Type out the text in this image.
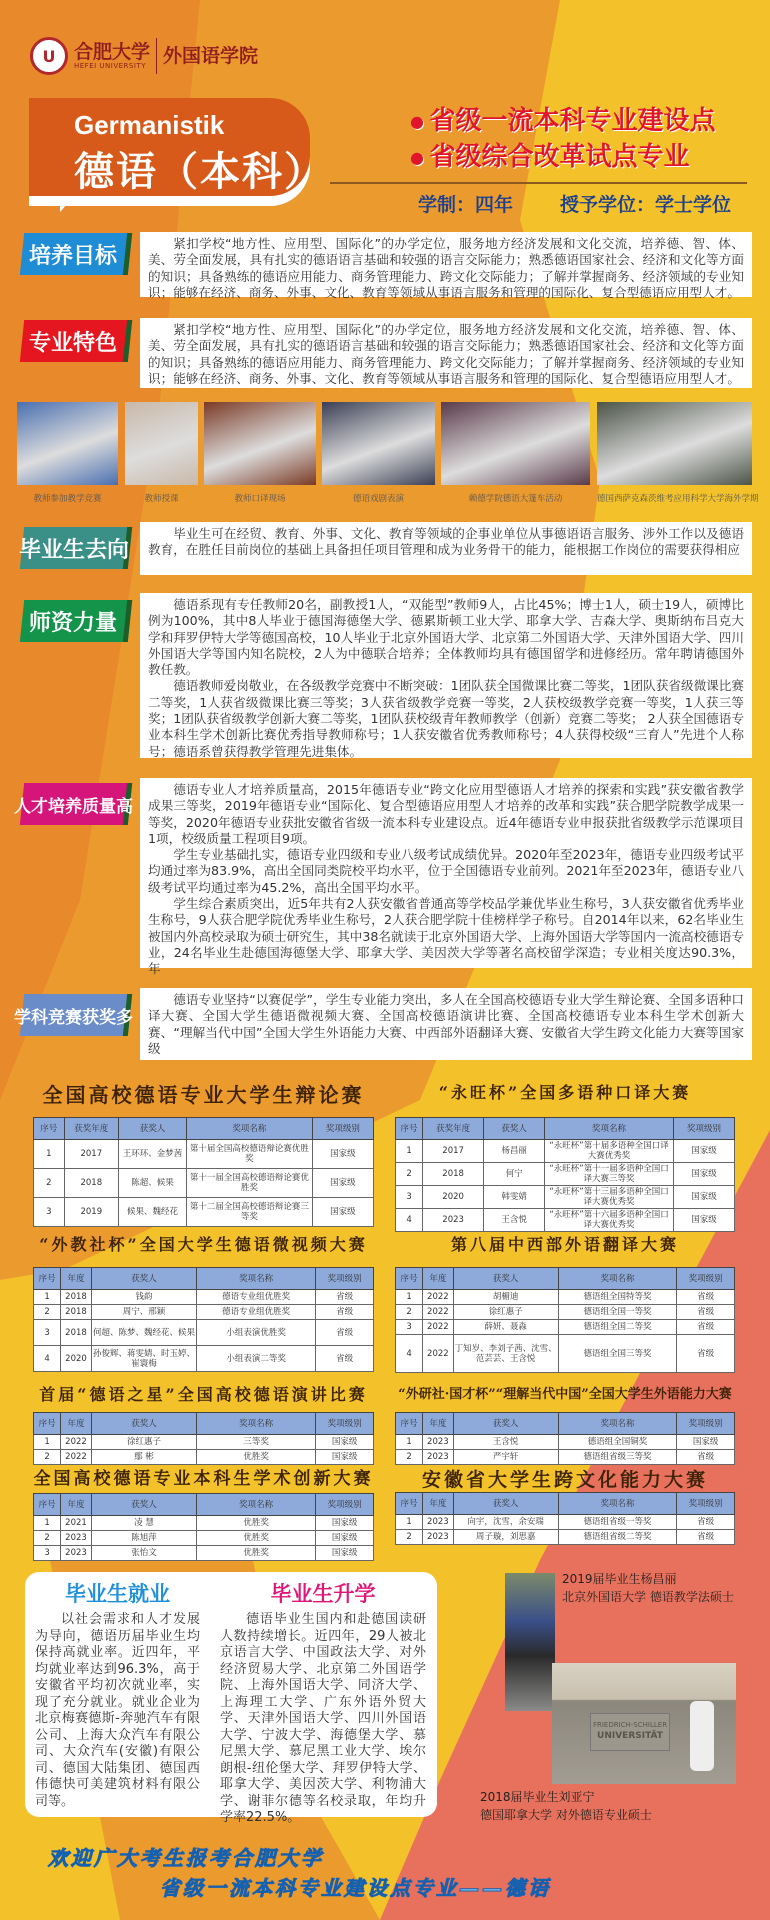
U 合肥大学
HEFEI UNIVERSITY 外国语学院
Germanistik
德语（本科）
● 省级一流本科专业建设点
● 省级综合改革试点专业
学制：四年 授予学位：学士学位
培养目标	紧扣学校“地方性、应用型、国际化”的办学定位，服务地方经济发展和文化交流，培养德、智、体、美、劳全面发展，具有扎实的德语语言基础和较强的语言交际能力；熟悉德语国家社会、经济和文化等方面的知识；具备熟练的德语应用能力、商务管理能力、跨文化交际能力；了解并掌握商务、经济领域的专业知识；能够在经济、商务、外事、文化、教育等领域从事语言服务和管理的国际化、复合型德语应用型人才。

专业特色

紧扣学校“地方性、应用型、国际化”的办学定位，服务地方经济发展和文化交流，培养德、智、体、美、劳全面发展，具有扎实的德语语言基础和较强的语言交际能力；熟悉德语国家社会、经济和文化等方面的知识；具备熟练的德语应用能力、商务管理能力、跨文化交际能力；了解并掌握商务、经济领域的专业知识；能够在经济、商务、外事、文化、教育等领域从事语言服务和管理的国际化、复合型德语应用型人才。

毕业生去向

毕业生可在经贸、教育、外事、文化、教育等领域的企事业单位从事德语语言服务、涉外工作以及德语教育，在胜任目前岗位的基础上具备担任项目管理和成为业务骨干的能力，能根据工作岗位的需要获得相应

师资力量

德语系现有专任教师20名，副教授1人，“双能型”教师9人，占比45%；博士1人，硕士19人，硕博比例为100%，其中8人毕业于德国海德堡大学、德累斯顿工业大学、耶拿大学、吉森大学、奥斯纳布吕克大学和拜罗伊特大学等德国高校，10人毕业于北京外国语大学、北京第二外国语大学、天津外国语大学、四川外国语大学等国内知名院校，2人为中德联合培养；全体教师均具有德国留学和进修经历。常年聘请德国外教任教。

德语教师爱岗敬业，在各级教学竞赛中不断突破：1团队获全国微课比赛二等奖，1团队获省级微课比赛二等奖，1人获省级微课比赛三等奖；3人获省级教学竞赛一等奖，2人获校级教学竞赛一等奖，1人获三等奖；1团队获省级教学创新大赛二等奖，1团队获校级青年教师教学（创新）竞赛二等奖； 2人获全国德语专业本科生学术创新比赛优秀指导教师称号；1人获安徽省优秀教师称号；4人获得校级“三育人”先进个人称号；德语系曾获得教学管理先进集体。

人才培养质量高

德语专业人才培养质量高，2015年德语专业“跨文化应用型德语人才培养的探索和实践”获安徽省教学成果三等奖，2019年德语专业“国际化、复合型德语应用型人才培养的改革和实践”获合肥学院教学成果一等奖，2020年德语专业获批安徽省省级一流本科专业建设点。近4年德语专业申报获批省级教学示范课项目1项，校级质量工程项目9项。

学生专业基础扎实，德语专业四级和专业八级考试成绩优异。2020年至2023年，德语专业四级考试平均通过率为83.9%，高出全国同类院校平均水平，位于全国德语专业前列。2021年至2023年，德语专业八级考试平均通过率为45.2%，高出全国平均水平。

学生综合素质突出，近5年共有2人获安徽省普通高等学校品学兼优毕业生称号，3人获安徽省优秀毕业生称号，9人获合肥学院优秀毕业生称号，2人获合肥学院十佳榜样学子称号。自2014年以来，62名毕业生被国内外高校录取为硕士研究生，其中38名就读于北京外国语大学、上海外国语大学等国内一流高校德语专业，24名毕业生赴德国海德堡大学、耶拿大学、美因茨大学等著名高校留学深造；专业相关度达90.3%，年

学科竞赛获奖多

德语专业坚持“以赛促学”，学生专业能力突出，多人在全国高校德语专业大学生辩论赛、全国多语种口译大赛、全国大学生德语微视频大赛、全国高校德语演讲比赛、全国高校德语专业本科生学术创新大赛、“理解当代中国”全国大学生外语能力大赛、中西部外语翻译大赛、安徽省大学生跨文化能力大赛等国家级

教师参加教学竞赛	教师授课	教师口译现场	德语戏剧表演	赖德学院德语大篷车活动	德国西萨克森茨维考应用科学大学海外学期
全国高校德语专业大学生辩论赛
序号	获奖年度	获奖人	奖项名称	奖项级别
1	2017	王环环、金梦茜	第十届全国高校德语辩论赛优胜奖	国家级
2	2018	陈超、候果	第十一届全国高校德语辩论赛优胜奖	国家级
3	2019	候果、魏经花	第十二届全国高校德语辩论赛三等奖	国家级
“永旺杯”全国多语种口译大赛
序号	获奖年度	获奖人	奖项名称	奖项级别
1	2017	杨昌丽	“永旺杯”第十届多语种全国口译大赛优秀奖	国家级
2	2018	何宁	“永旺杯”第十一届多语种全国口译大赛三等奖	国家级
3	2020	韩雯婧	“永旺杯”第十三届多语种全国口译大赛优秀奖	国家级
4	2023	王含悦	“永旺杯”第十六届多语种全国口译大赛优秀奖	国家级
“外教社杯”全国大学生德语微视频大赛
序号	年度	获奖人	奖项名称	奖项级别
1	2018	钱韵	德语专业组优胜奖	省级
2	2018	周宁、邢颖	德语专业组优胜奖	省级
3	2018	何超、陈梦、魏经花、候果	小组表演优胜奖	省级
4	2020	孙俊辉、蒋雯婧、时玉婷、崔寰梅	小组表演二等奖	省级
第八届中西部外语翻译大赛
序号	年度	获奖人	奖项名称	奖项级别
1	2022	胡楣迪	德语组全国特等奖	省级
2	2022	徐红惠子	德语组全国一等奖	省级
3	2022	薛妍、聂淼	德语组全国二等奖	省级
4	2022	丁知岁、李刘子茜、沈雪、范芸芸、王含悦	德语组全国三等奖	省级
首届“德语之星”全国高校德语演讲比赛
序号	年度	获奖人	奖项名称	奖项级别
1	2022	徐红惠子	三等奖	国家级
2	2022	鄢 彬	优胜奖	国家级
“外研社·国才杯”“理解当代中国”全国大学生外语能力大赛
序号	年度	获奖人	奖项名称	奖项级别
1	2023	王含悦	德语组全国铜奖	国家级
2	2023	严宇轩	德语组省级三等奖	省级
全国高校德语专业本科生学术创新大赛
序号	年度	获奖人	奖项名称	奖项级别
1	2021	凌 慧	优胜奖	国家级
2	2023	陈旭萍	优胜奖	国家级
3	2023	张怡文	优胜奖	国家级
安徽省大学生跨文化能力大赛
序号	年度	获奖人	奖项名称	奖项级别
1	2023	向宇，沈雪，余安瑞	德语组省级一等奖	省级
2	2023	周子璇，刘思嘉	德语组省级二等奖	省级
毕业生就业

以社会需求和人才发展为导向，德语历届毕业生均保持高就业率。近四年，平均就业率达到96.3%，高于安徽省平均初次就业率，实现了充分就业。就业企业为北京梅赛德斯-奔驰汽车有限公司、上海大众汽车有限公司、大众汽车(安徽)有限公司、德国大陆集团、德国西伟德快可美建筑材料有限公司等。

毕业生升学

德语毕业生国内和赴德国读研人数持续增长。近四年，29人被北京语言大学、中国政法大学、对外经济贸易大学、北京第二外国语学院、上海外国语大学、同济大学、上海理工大学、广东外语外贸大学、天津外国语大学、四川外国语大学、宁波大学、海德堡大学、慕尼黑大学、慕尼黑工业大学、埃尔朗根-纽伦堡大学、拜罗伊特大学、耶拿大学、美因茨大学、利物浦大学、谢菲尔德等名校录取，年均升学率22.5%。

2019届毕业生杨昌丽
北京外国语大学 德语教学法硕士
FRIEDRICH-SCHILLER
UNIVERSITÄT
2018届毕业生刘亚宁
德国耶拿大学 对外德语专业硕士
欢迎广大考生报考合肥大学
省级一流本科专业建设点专业——德语
